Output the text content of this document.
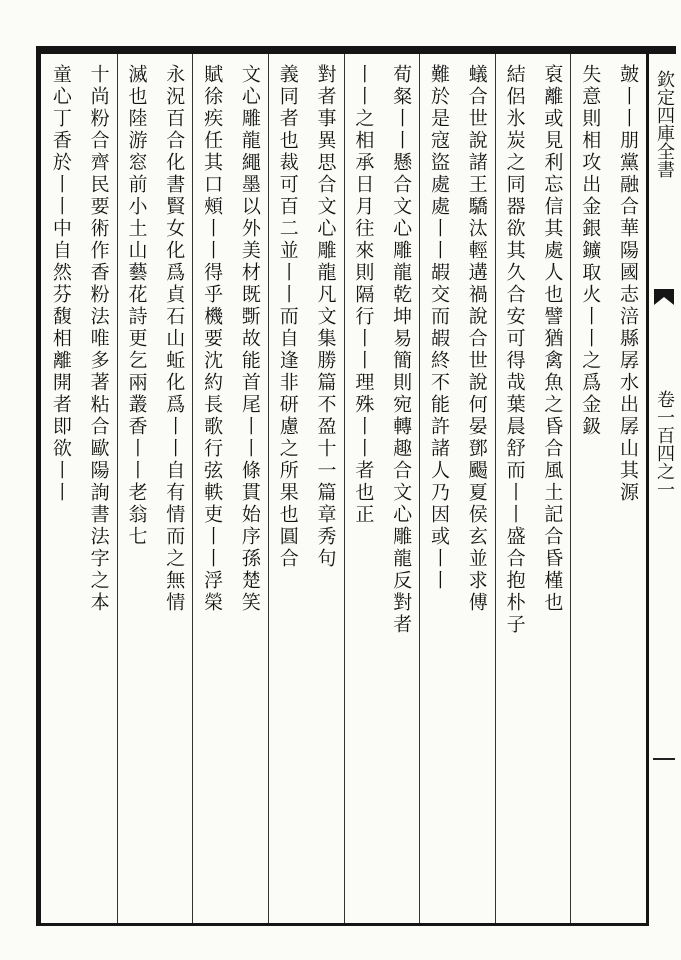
欽定四庫全書
卷一百四之一
皷丨丨朋黨融合華陽國志涪縣孱水出孱山其源
失意則相攻出金銀鑛取火丨丨之爲金鈒
裒離或見利忘信其處人也譬猶禽魚之昏合風土記合昏槿也
結侶氷炭之同器欲其久合安可得哉葉晨舒而丨丨盛合抱朴子
蟻合世說諸王驕汰輕遘禍說合世說何晏鄧颺夏侯玄並求傅
難於是寇盜處處丨丨嘏交而嘏終不能許諸人乃因或丨丨
荀粲丨丨懸合文心雕龍乾坤易簡則宛轉趣合文心雕龍反對者
丨丨之相承日月往來則隔行丨丨理殊丨丨者也正
對者事異思合文心雕龍凡文集勝篇不盈十一篇章秀句
義同者也裁可百二並丨丨而自逢非研慮之所果也圓合
文心雕龍繩墨以外美材既斲故能首尾丨丨條貫始序孫楚笑
賦徐疾任其口頰丨丨得乎機要沈約長歌行弦軼吏丨丨浮榮
永況百合化書賢女化爲貞石山蚯化爲丨丨自有情而之無情
滅也陸游窓前小土山藝花詩更乞兩叢香丨丨老翁七
十尚粉合齊民要術作香粉法唯多著粘合歐陽詢書法字之本
童心丁香於丨丨中自然芬馥相離開者即欲丨丨
